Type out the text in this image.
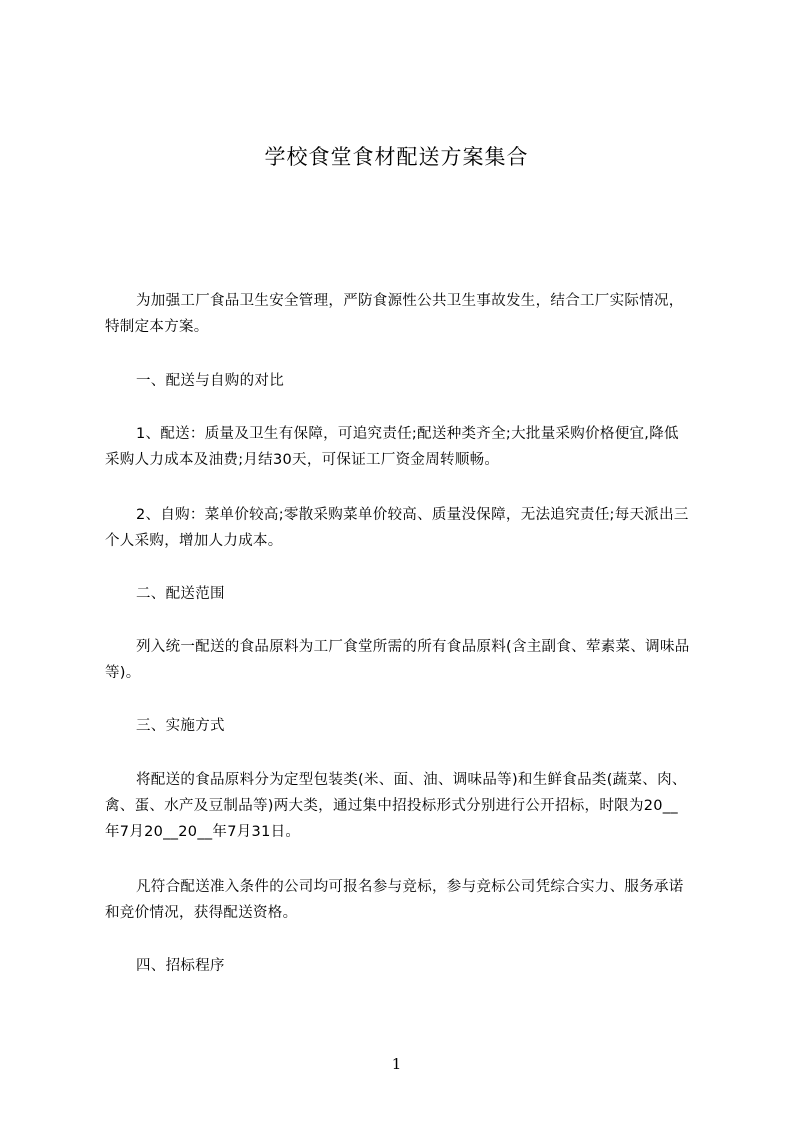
学校食堂食材配送方案集合

为加强工厂食品卫生安全管理，严防食源性公共卫生事故发生，结合工厂实际情况，特制定本方案。

一、配送与自购的对比

1、配送：质量及卫生有保障，可追究责任;配送种类齐全;大批量采购价格便宜,降低采购人力成本及油费;月结30天，可保证工厂资金周转顺畅。

2、自购：菜单价较高;零散采购菜单价较高、质量没保障，无法追究责任;每天派出三个人采购，增加人力成本。

二、配送范围

列入统一配送的食品原料为工厂食堂所需的所有食品原料(含主副食、荤素菜、调味品等)。

三、实施方式

将配送的食品原料分为定型包装类(米、面、油、调味品等)和生鲜食品类(蔬菜、肉、禽、蛋、水产及豆制品等)两大类，通过集中招投标形式分别进行公开招标，时限为20__年7月20__20__年7月31日。

凡符合配送准入条件的公司均可报名参与竞标，参与竞标公司凭综合实力、服务承诺和竞价情况，获得配送资格。

四、招标程序

1
